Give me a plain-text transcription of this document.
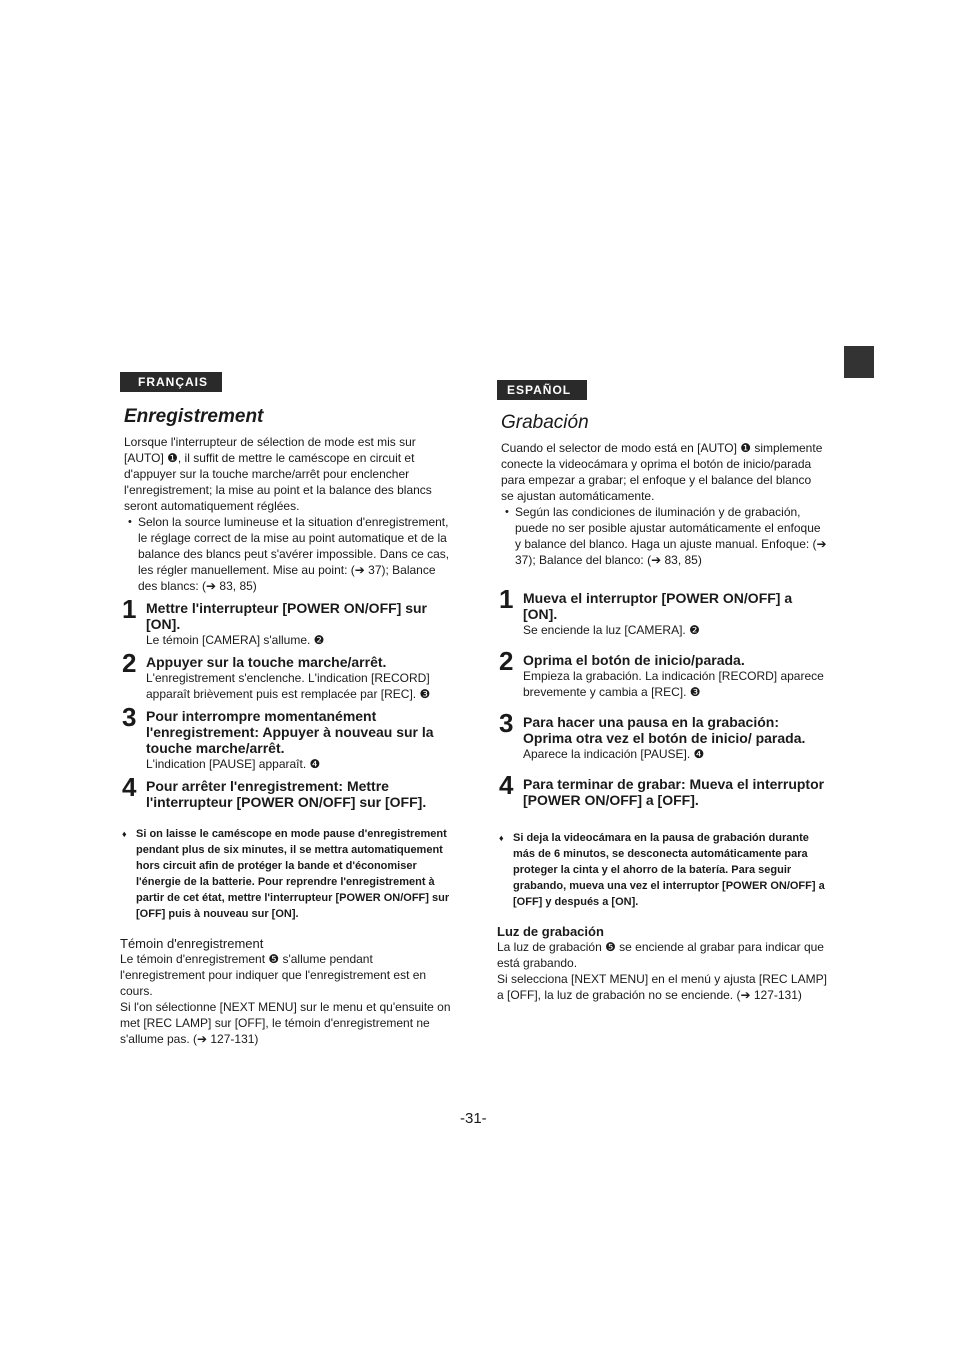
FRANÇAIS
Enregistrement

Lorsque l'interrupteur de sélection de mode est mis sur [AUTO] ❶, il suffit de mettre le caméscope en circuit et d'appuyer sur la touche marche/arrêt pour enclencher l'enregistrement; la mise au point et la balance des blancs seront automatiquement réglées.

• Selon la source lumineuse et la situation d'enregistrement, le réglage correct de la mise au point automatique et de la balance des blancs peut s'avérer impossible. Dans ce cas, les régler manuellement. Mise au point: (➔ 37); Balance des blancs: (➔ 83, 85)

1 Mettre l'interrupteur [POWER ON/OFF] sur [ON].

Le témoin [CAMERA] s'allume. ❷

2 Appuyer sur la touche marche/arrêt.

L'enregistrement s'enclenche. L'indication [RECORD] apparaît brièvement puis est remplacée par [REC]. ❸

3 Pour interrompre momentanément l'enregistrement: Appuyer à nouveau sur la touche marche/arrêt.

L'indication [PAUSE] apparaît. ❹

4 Pour arrêter l'enregistrement: Mettre l'interrupteur [POWER ON/OFF] sur [OFF].

♦ Si on laisse le caméscope en mode pause d'enregistrement pendant plus de six minutes, il se mettra automatiquement hors circuit afin de protéger la bande et d'économiser l'énergie de la batterie. Pour reprendre l'enregistrement à partir de cet état, mettre l'interrupteur [POWER ON/OFF] sur [OFF] puis à nouveau sur [ON].

Témoin d'enregistrement

Le témoin d'enregistrement ❺ s'allume pendant l'enregistrement pour indiquer que l'enregistrement est en cours.

Si l'on sélectionne [NEXT MENU] sur le menu et qu'ensuite on met [REC LAMP] sur [OFF], le témoin d'enregistrement ne s'allume pas. (➔ 127-131)

ESPAÑOL
Grabación

Cuando el selector de modo está en [AUTO] ❶ simplemente conecte la videocámara y oprima el botón de inicio/parada para empezar a grabar; el enfoque y el balance del blanco se ajustan automáticamente.

• Según las condiciones de iluminación y de grabación, puede no ser posible ajustar automáticamente el enfoque y balance del blanco. Haga un ajuste manual. Enfoque: (➔ 37); Balance del blanco: (➔ 83, 85)

1 Mueva el interruptor [POWER ON/OFF] a [ON].

Se enciende la luz [CAMERA]. ❷

2 Oprima el botón de inicio/parada.

Empieza la grabación. La indicación [RECORD] aparece brevemente y cambia a [REC]. ❸

3 Para hacer una pausa en la grabación: Oprima otra vez el botón de inicio/ parada.

Aparece la indicación [PAUSE]. ❹

4 Para terminar de grabar: Mueva el interruptor [POWER ON/OFF] a [OFF].

♦ Si deja la videocámara en la pausa de grabación durante más de 6 minutos, se desconecta automáticamente para proteger la cinta y el ahorro de la batería. Para seguir grabando, mueva una vez el interruptor [POWER ON/OFF] a [OFF] y después a [ON].

Luz de grabación

La luz de grabación ❺ se enciende al grabar para indicar que está grabando.

Si selecciona [NEXT MENU] en el menú y ajusta [REC LAMP] a [OFF], la luz de grabación no se enciende. (➔ 127-131)

-31-
